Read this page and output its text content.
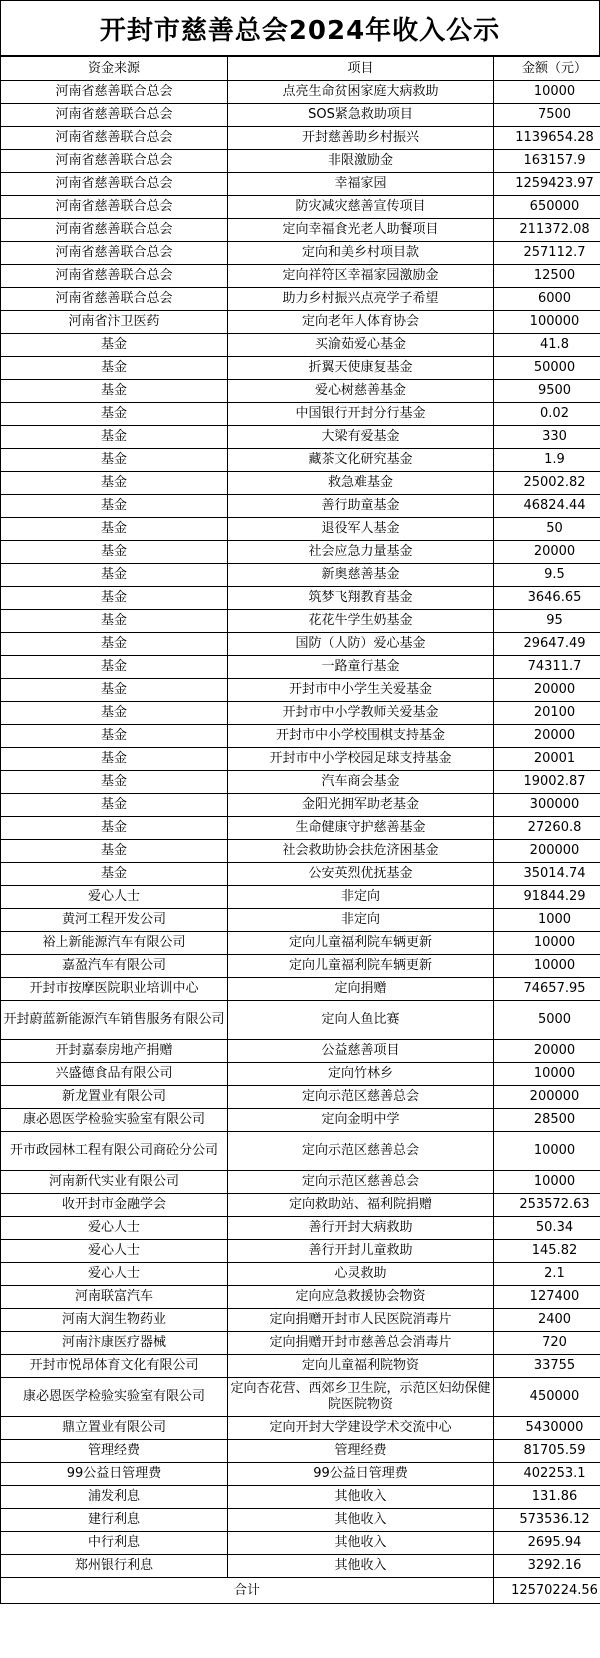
开封市慈善总会2024年收入公示
资金来源	项目	金额（元）
河南省慈善联合总会	点亮生命贫困家庭大病救助	10000
河南省慈善联合总会	SOS紧急救助项目	7500
河南省慈善联合总会	开封慈善助乡村振兴	1139654.28
河南省慈善联合总会	非限激励金	163157.9
河南省慈善联合总会	幸福家园	1259423.97
河南省慈善联合总会	防灾减灾慈善宣传项目	650000
河南省慈善联合总会	定向幸福食光老人助餐项目	211372.08
河南省慈善联合总会	定向和美乡村项目款	257112.7
河南省慈善联合总会	定向祥符区幸福家园激励金	12500
河南省慈善联合总会	助力乡村振兴点亮学子希望	6000
河南省汴卫医药	定向老年人体育协会	100000
基金	买渝茹爱心基金	41.8
基金	折翼天使康复基金	50000
基金	爱心树慈善基金	9500
基金	中国银行开封分行基金	0.02
基金	大梁有爱基金	330
基金	藏茶文化研究基金	1.9
基金	救急难基金	25002.82
基金	善行助童基金	46824.44
基金	退役军人基金	50
基金	社会应急力量基金	20000
基金	新奥慈善基金	9.5
基金	筑梦飞翔教育基金	3646.65
基金	花花牛学生奶基金	95
基金	国防（人防）爱心基金	29647.49
基金	一路童行基金	74311.7
基金	开封市中小学生关爱基金	20000
基金	开封市中小学教师关爱基金	20100
基金	开封市中小学校围棋支持基金	20000
基金	开封市中小学校园足球支持基金	20001
基金	汽车商会基金	19002.87
基金	金阳光拥军助老基金	300000
基金	生命健康守护慈善基金	27260.8
基金	社会救助协会扶危济困基金	200000
基金	公安英烈优抚基金	35014.74
爱心人士	非定向	91844.29
黄河工程开发公司	非定向	1000
裕上新能源汽车有限公司	定向儿童福利院车辆更新	10000
嘉盈汽车有限公司	定向儿童福利院车辆更新	10000
开封市按摩医院职业培训中心	定向捐赠	74657.95
开封蔚蓝新能源汽车销售服务有限公司	定向人鱼比赛	5000
开封嘉泰房地产捐赠	公益慈善项目	20000
兴盛德食品有限公司	定向竹林乡	10000
新龙置业有限公司	定向示范区慈善总会	200000
康必恩医学检验实验室有限公司	定向金明中学	28500
开市政园林工程有限公司商砼分公司	定向示范区慈善总会	10000
河南新代实业有限公司	定向示范区慈善总会	10000
收开封市金融学会	定向救助站、福利院捐赠	253572.63
爱心人士	善行开封大病救助	50.34
爱心人士	善行开封儿童救助	145.82
爱心人士	心灵救助	2.1
河南联富汽车	定向应急救援协会物资	127400
河南大润生物药业	定向捐赠开封市人民医院消毒片	2400
河南汴康医疗器械	定向捐赠开封市慈善总会消毒片	720
开封市悦昂体育文化有限公司	定向儿童福利院物资	33755
康必恩医学检验实验室有限公司	定向杏花营、西郊乡卫生院，示范区妇幼保健院医院物资	450000
鼎立置业有限公司	定向开封大学建设学术交流中心	5430000
管理经费	管理经费	81705.59
99公益日管理费	99公益日管理费	402253.1
浦发利息	其他收入	131.86
建行利息	其他收入	573536.12
中行利息	其他收入	2695.94
郑州银行利息	其他收入	3292.16
合计		12570224.56
